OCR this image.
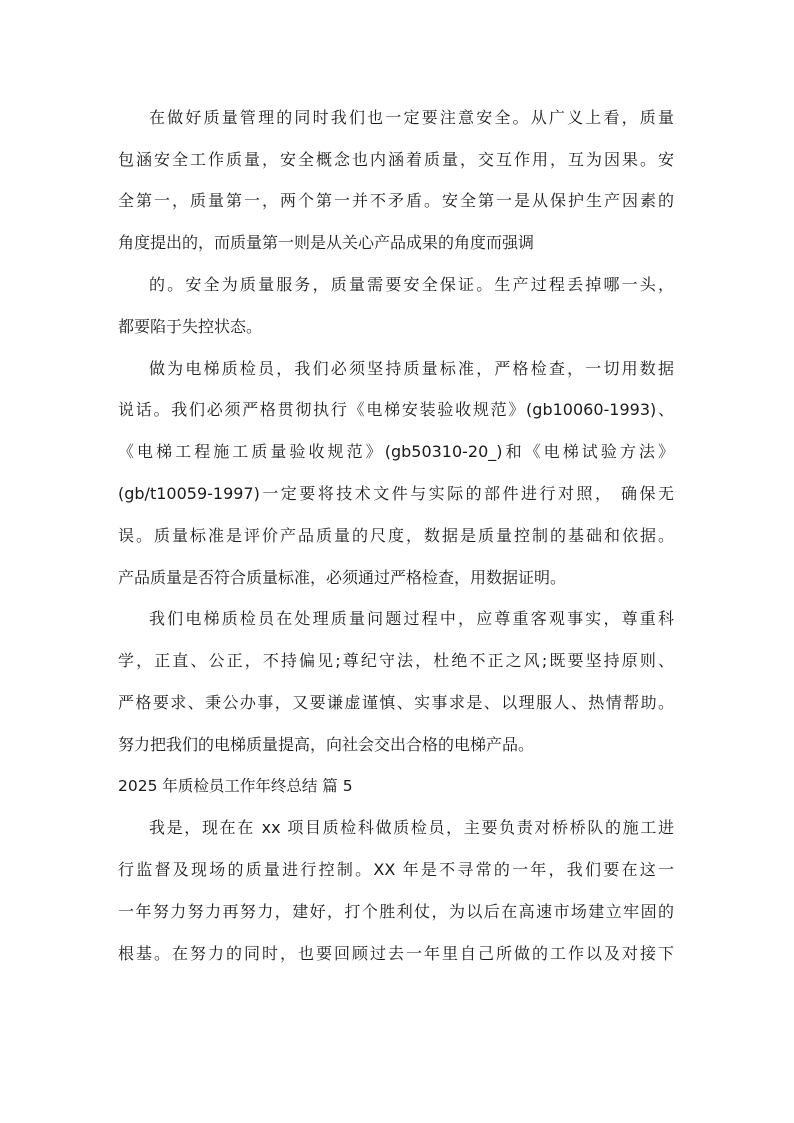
在做好质量管理的同时我们也一定要注意安全。从广义上看，质量
包涵安全工作质量，安全概念也内涵着质量，交互作用，互为因果。安
全第一，质量第一，两个第一并不矛盾。安全第一是从保护生产因素的
角度提出的，而质量第一则是从关心产品成果的角度而强调
的。安全为质量服务，质量需要安全保证。生产过程丢掉哪一头，
都要陷于失控状态。
做为电梯质检员，我们必须坚持质量标准，严格检查，一切用数据
说话。我们必须严格贯彻执行《电梯安装验收规范》(gb10060-1993)、
《电梯工程施工质量验收规范》(gb50310-20_)和《电梯试验方法》
(gb/t10059-1997)一定要将技术文件与实际的部件进行对照， 确保无
误。质量标准是评价产品质量的尺度，数据是质量控制的基础和依据。
产品质量是否符合质量标准，必须通过严格检查，用数据证明。
我们电梯质检员在处理质量问题过程中，应尊重客观事实，尊重科
学，正直、公正，不持偏见;尊纪守法，杜绝不正之风;既要坚持原则、
严格要求、秉公办事，又要谦虚谨慎、实事求是、以理服人、热情帮助。
努力把我们的电梯质量提高，向社会交出合格的电梯产品。
2025 年质检员工作年终总结 篇 5
我是，现在在 xx 项目质检科做质检员，主要负责对桥桥队的施工进
行监督及现场的质量进行控制。XX 年是不寻常的一年，我们要在这一
一年努力努力再努力，建好，打个胜利仗，为以后在高速市场建立牢固的
根基。在努力的同时，也要回顾过去一年里自己所做的工作以及对接下
